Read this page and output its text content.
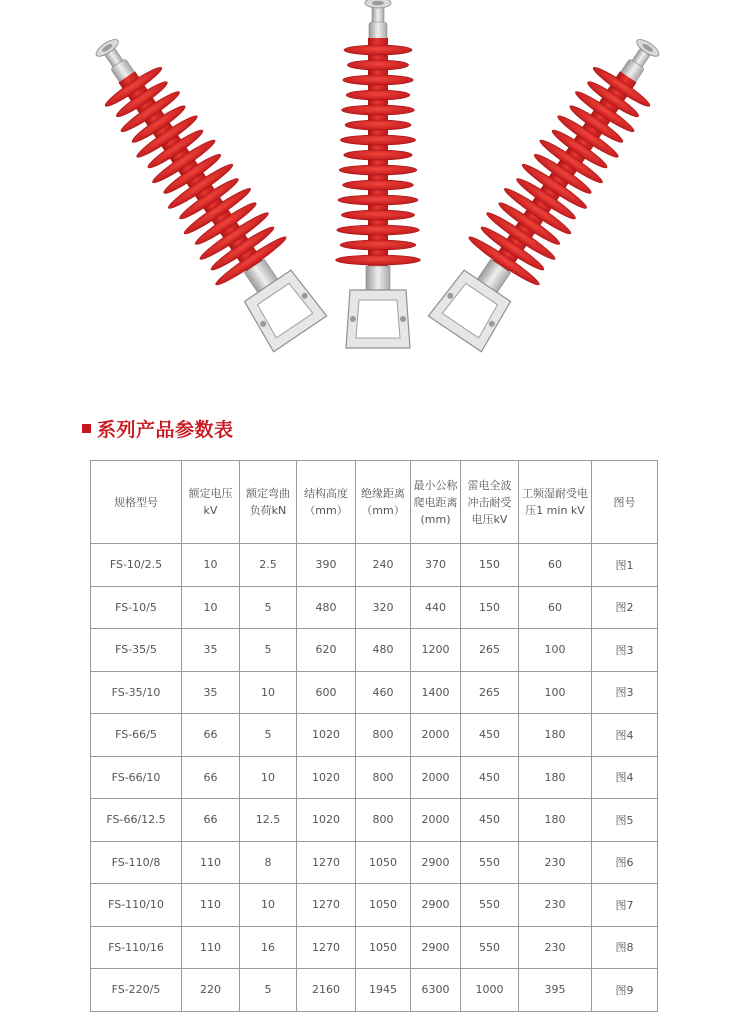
系列产品参数表
规格型号	额定电压kV	额定弯曲负荷kN	结构高度（mm）	绝缘距离（mm）	最小公称爬电距离(mm)	雷电全波冲击耐受电压kV	工频湿耐受电压1 min kV	图号
FS-10/2.5	10	2.5	390	240	370	150	60	图1
FS-10/5	10	5	480	320	440	150	60	图2
FS-35/5	35	5	620	480	1200	265	100	图3
FS-35/10	35	10	600	460	1400	265	100	图3
FS-66/5	66	5	1020	800	2000	450	180	图4
FS-66/10	66	10	1020	800	2000	450	180	图4
FS-66/12.5	66	12.5	1020	800	2000	450	180	图5
FS-110/8	110	8	1270	1050	2900	550	230	图6
FS-110/10	110	10	1270	1050	2900	550	230	图7
FS-110/16	110	16	1270	1050	2900	550	230	图8
FS-220/5	220	5	2160	1945	6300	1000	395	图9
